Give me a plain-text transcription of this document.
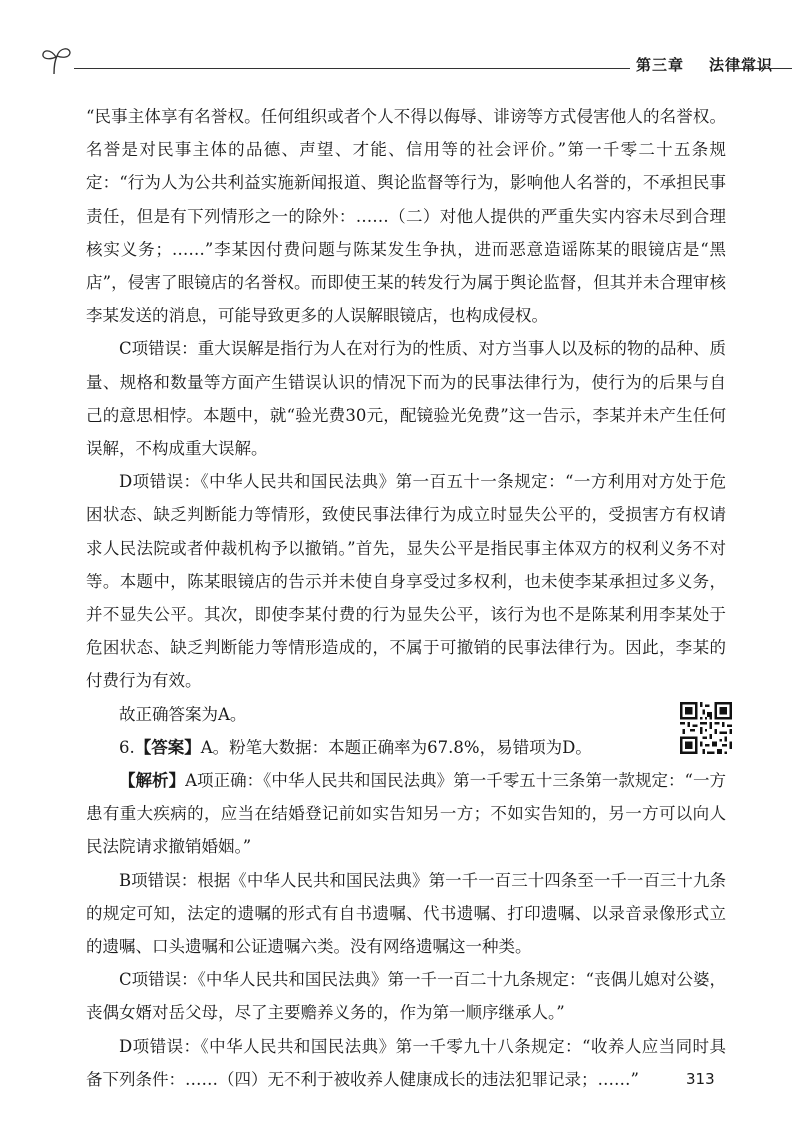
第三章 法律常识

“民事主体享有名誉权。任何组织或者个人不得以侮辱、诽谤等方式侵害他人的名誉权。名誉是对民事主体的品德、声望、才能、信用等的社会评价。”第一千零二十五条规定：“行为人为公共利益实施新闻报道、舆论监督等行为，影响他人名誉的，不承担民事责任，但是有下列情形之一的除外：……（二）对他人提供的严重失实内容未尽到合理核实义务；……”李某因付费问题与陈某发生争执，进而恶意造谣陈某的眼镜店是“黑店”，侵害了眼镜店的名誉权。而即使王某的转发行为属于舆论监督，但其并未合理审核李某发送的消息，可能导致更多的人误解眼镜店，也构成侵权。

C项错误：重大误解是指行为人在对行为的性质、对方当事人以及标的物的品种、质量、规格和数量等方面产生错误认识的情况下而为的民事法律行为，使行为的后果与自己的意思相悖。本题中，就“验光费30元，配镜验光免费”这一告示，李某并未产生任何误解，不构成重大误解。

D项错误：《中华人民共和国民法典》第一百五十一条规定：“一方利用对方处于危困状态、缺乏判断能力等情形，致使民事法律行为成立时显失公平的，受损害方有权请求人民法院或者仲裁机构予以撤销。”首先，显失公平是指民事主体双方的权利义务不对等。本题中，陈某眼镜店的告示并未使自身享受过多权利，也未使李某承担过多义务，并不显失公平。其次，即使李某付费的行为显失公平，该行为也不是陈某利用李某处于危困状态、缺乏判断能力等情形造成的，不属于可撤销的民事法律行为。因此，李某的付费行为有效。

故正确答案为A。

6.【答案】A。粉笔大数据：本题正确率为67.8%，易错项为D。

【解析】A项正确：《中华人民共和国民法典》第一千零五十三条第一款规定：“一方患有重大疾病的，应当在结婚登记前如实告知另一方；不如实告知的，另一方可以向人民法院请求撤销婚姻。”

B项错误：根据《中华人民共和国民法典》第一千一百三十四条至一千一百三十九条的规定可知，法定的遗嘱的形式有自书遗嘱、代书遗嘱、打印遗嘱、以录音录像形式立的遗嘱、口头遗嘱和公证遗嘱六类。没有网络遗嘱这一种类。

C项错误：《中华人民共和国民法典》第一千一百二十九条规定：“丧偶儿媳对公婆，丧偶女婿对岳父母，尽了主要赡养义务的，作为第一顺序继承人。”

D项错误：《中华人民共和国民法典》第一千零九十八条规定：“收养人应当同时具备下列条件：……（四）无不利于被收养人健康成长的违法犯罪记录；……”	313
